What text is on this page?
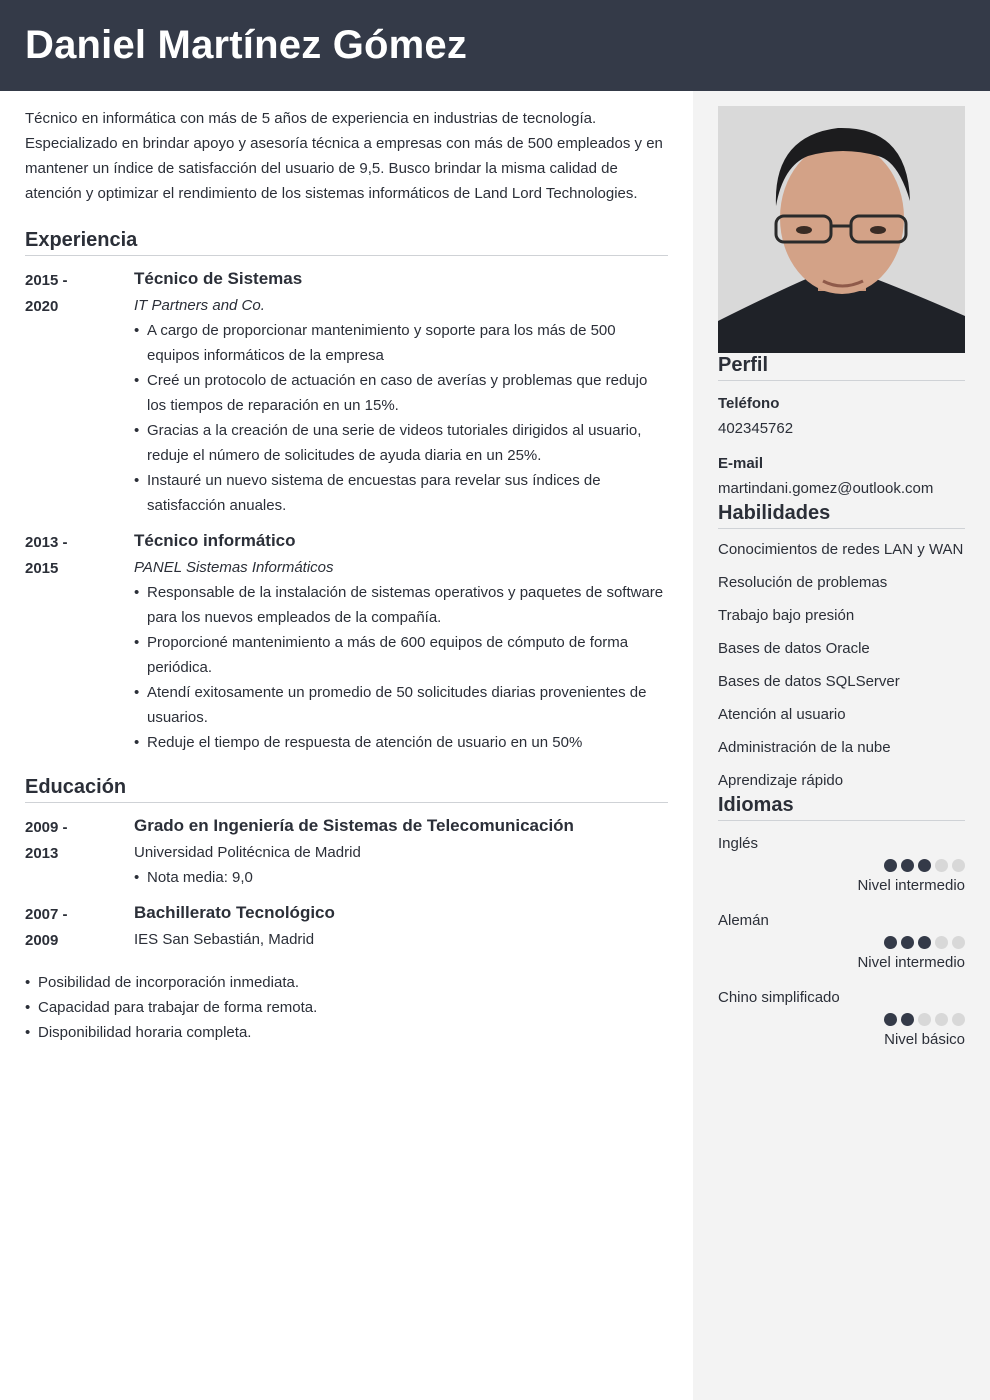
Daniel Martínez Gómez

Técnico en informática con más de 5 años de experiencia en industrias de tecnología. Especializado en brindar apoyo y asesoría técnica a empresas con más de 500 empleados y en mantener un índice de satisfacción del usuario de 9,5. Busco brindar la misma calidad de atención y optimizar el rendimiento de los sistemas informáticos de Land Lord Technologies.

Experiencia
2015 -
2020
Técnico de Sistemas
IT Partners and Co.
• A cargo de proporcionar mantenimiento y soporte para los más de 500 equipos informáticos de la empresa
• Creé un protocolo de actuación en caso de averías y problemas que redujo los tiempos de reparación en un 15%.
• Gracias a la creación de una serie de videos tutoriales dirigidos al usuario, reduje el número de solicitudes de ayuda diaria en un 25%.
• Instauré un nuevo sistema de encuestas para revelar sus índices de satisfacción anuales.
2013 -
2015
Técnico informático
PANEL Sistemas Informáticos
• Responsable de la instalación de sistemas operativos y paquetes de software para los nuevos empleados de la compañía.
• Proporcioné mantenimiento a más de 600 equipos de cómputo de forma periódica.
• Atendí exitosamente un promedio de 50 solicitudes diarias provenientes de usuarios.
• Reduje el tiempo de respuesta de atención de usuario en un 50%
Educación
2009 -
2013
Grado en Ingeniería de Sistemas de Telecomunicación
Universidad Politécnica de Madrid
• Nota media: 9,0
2007 -
2009
Bachillerato Tecnológico
IES San Sebastián, Madrid
• Posibilidad de incorporación inmediata.
• Capacidad para trabajar de forma remota.
• Disponibilidad horaria completa.
Perfil
Teléfono
402345762
E-mail
martindani.gomez@outlook.com
Habilidades
Conocimientos de redes LAN y WAN
Resolución de problemas
Trabajo bajo presión
Bases de datos Oracle
Bases de datos SQLServer
Atención al usuario
Administración de la nube
Aprendizaje rápido
Idiomas
Inglés
Nivel intermedio
Alemán
Nivel intermedio
Chino simplificado
Nivel básico
